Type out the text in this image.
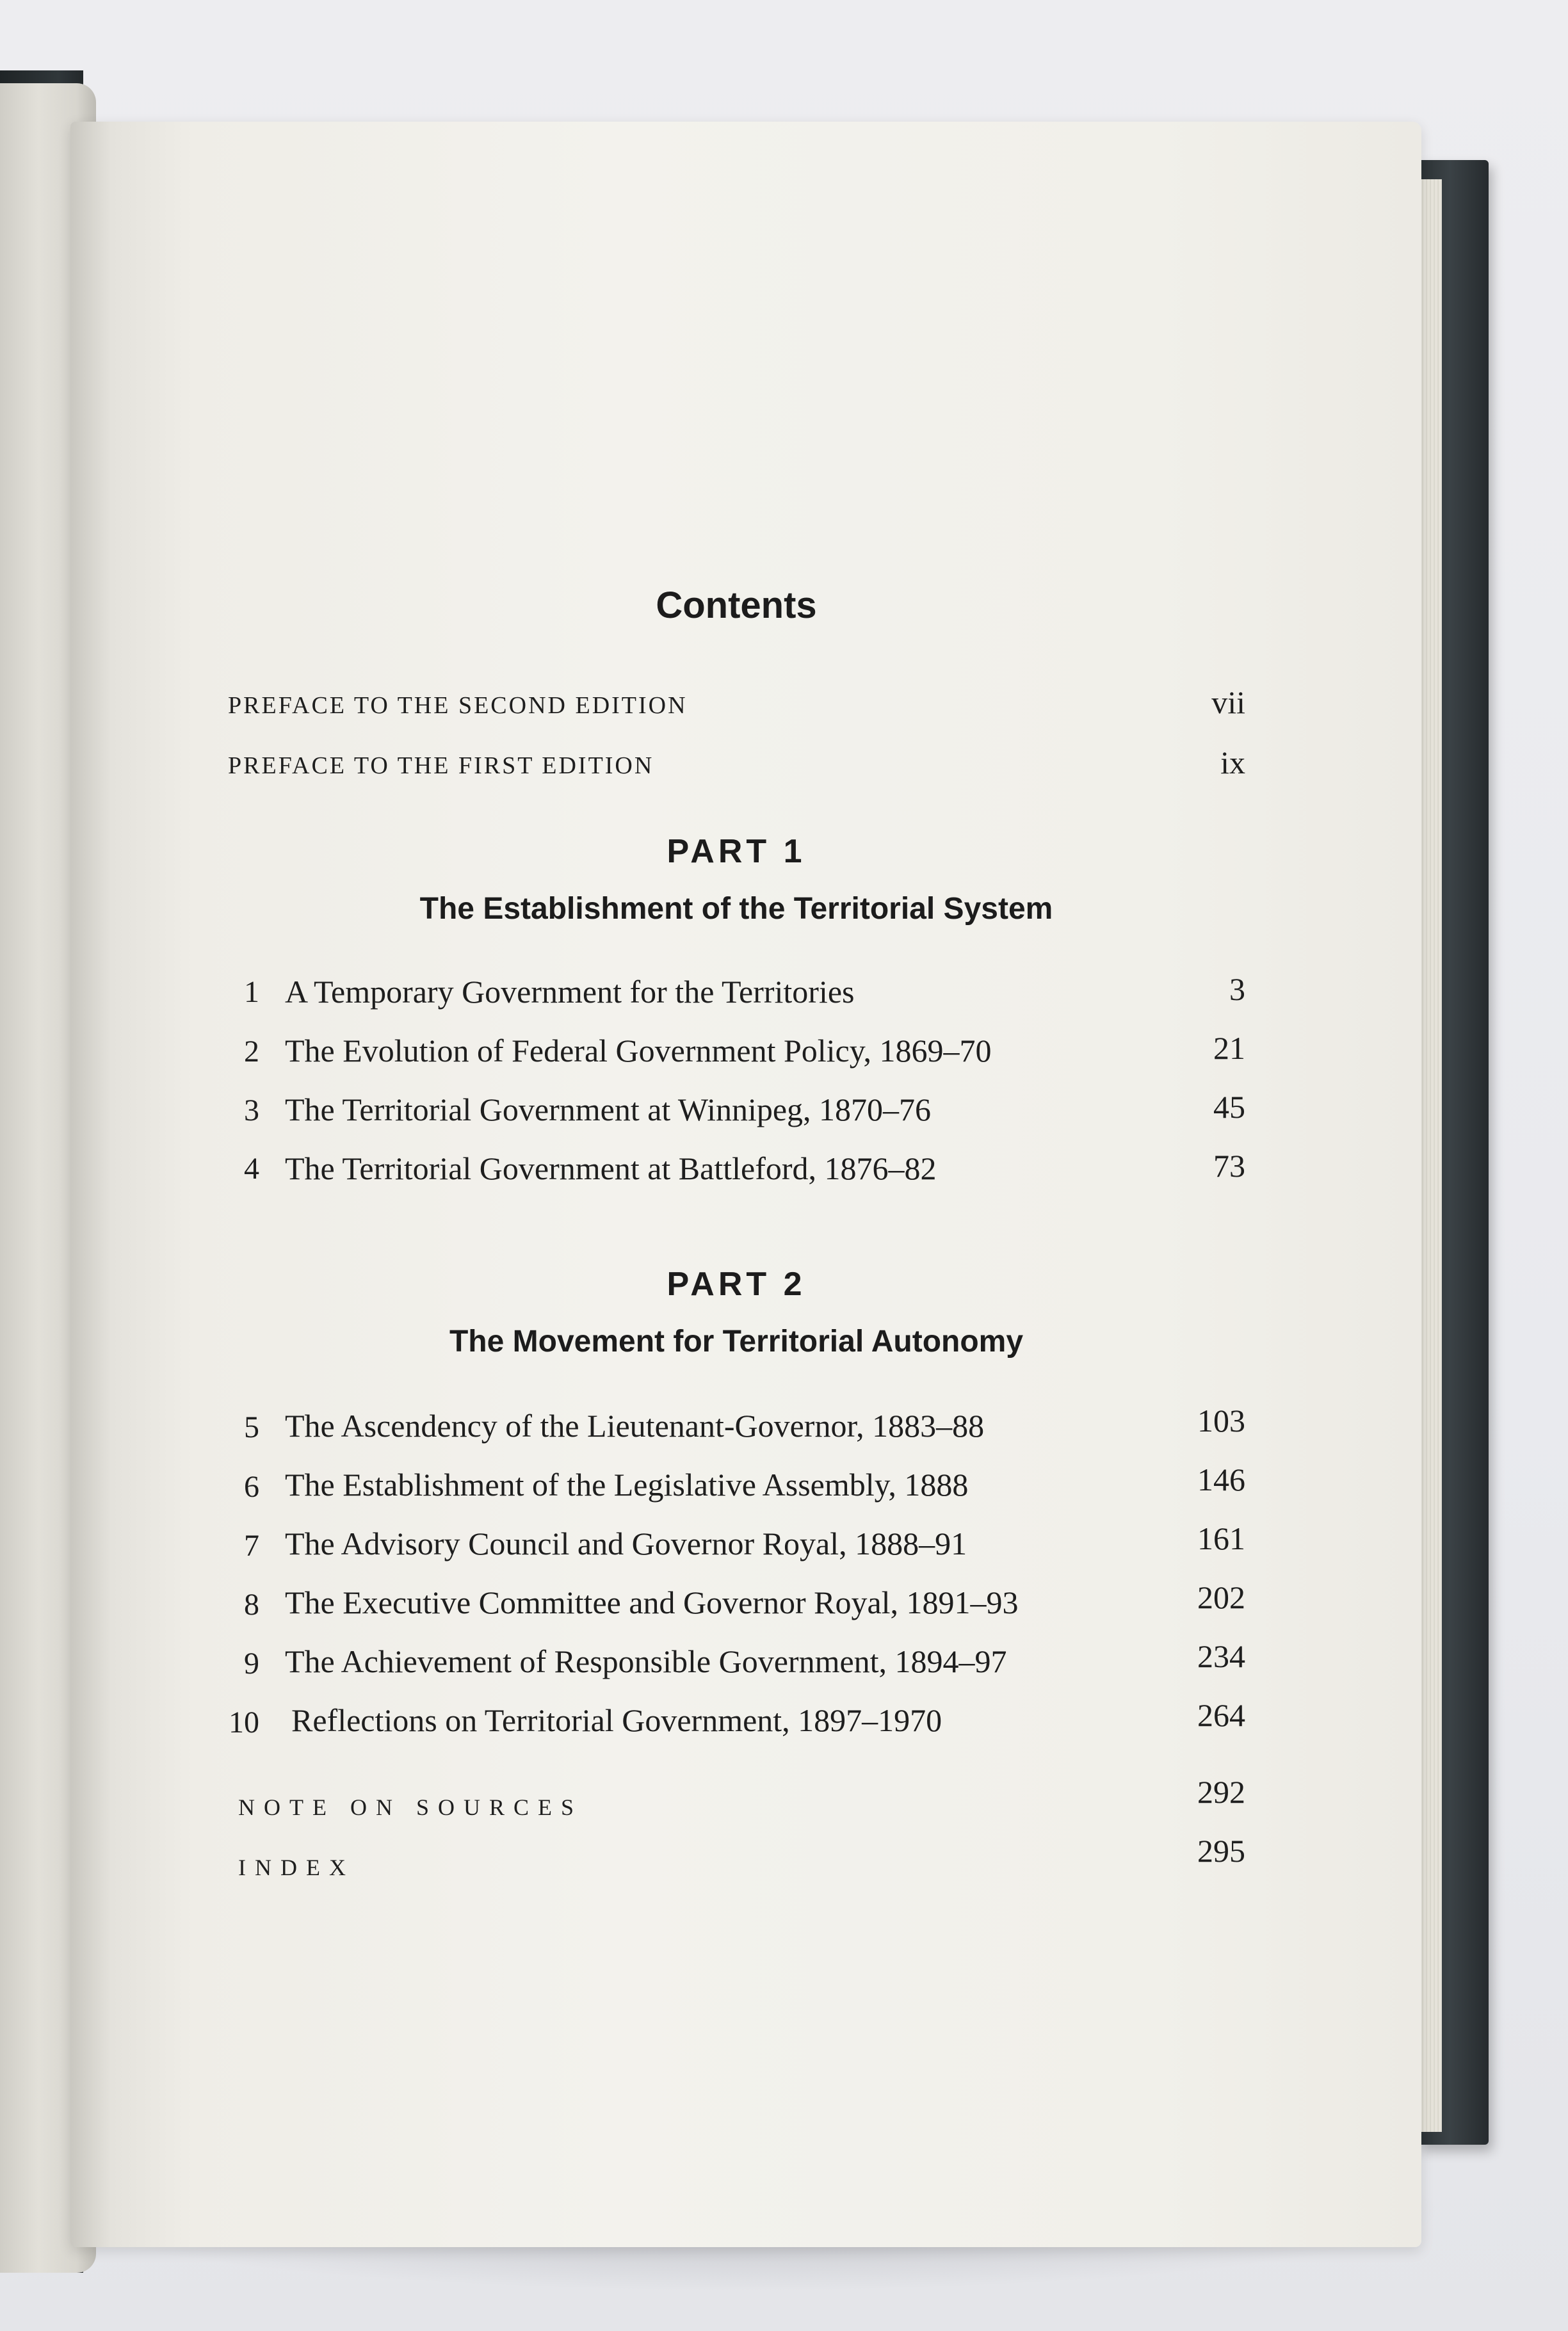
Contents
PREFACE TO THE SECOND EDITION	vii
PREFACE TO THE FIRST EDITION	ix
PART 1
The Establishment of the Territorial System
1 A Temporary Government for the Territories	3
2 The Evolution of Federal Government Policy, 1869–70	21
3 The Territorial Government at Winnipeg, 1870–76	45
4 The Territorial Government at Battleford, 1876–82	73
PART 2
The Movement for Territorial Autonomy
5 The Ascendency of the Lieutenant-Governor, 1883–88	103
6 The Establishment of the Legislative Assembly, 1888	146
7 The Advisory Council and Governor Royal, 1888–91	161
8 The Executive Committee and Governor Royal, 1891–93	202
9 The Achievement of Responsible Government, 1894–97	234
10 Reflections on Territorial Government, 1897–1970	264
NOTE ON SOURCES	292
INDEX	295
